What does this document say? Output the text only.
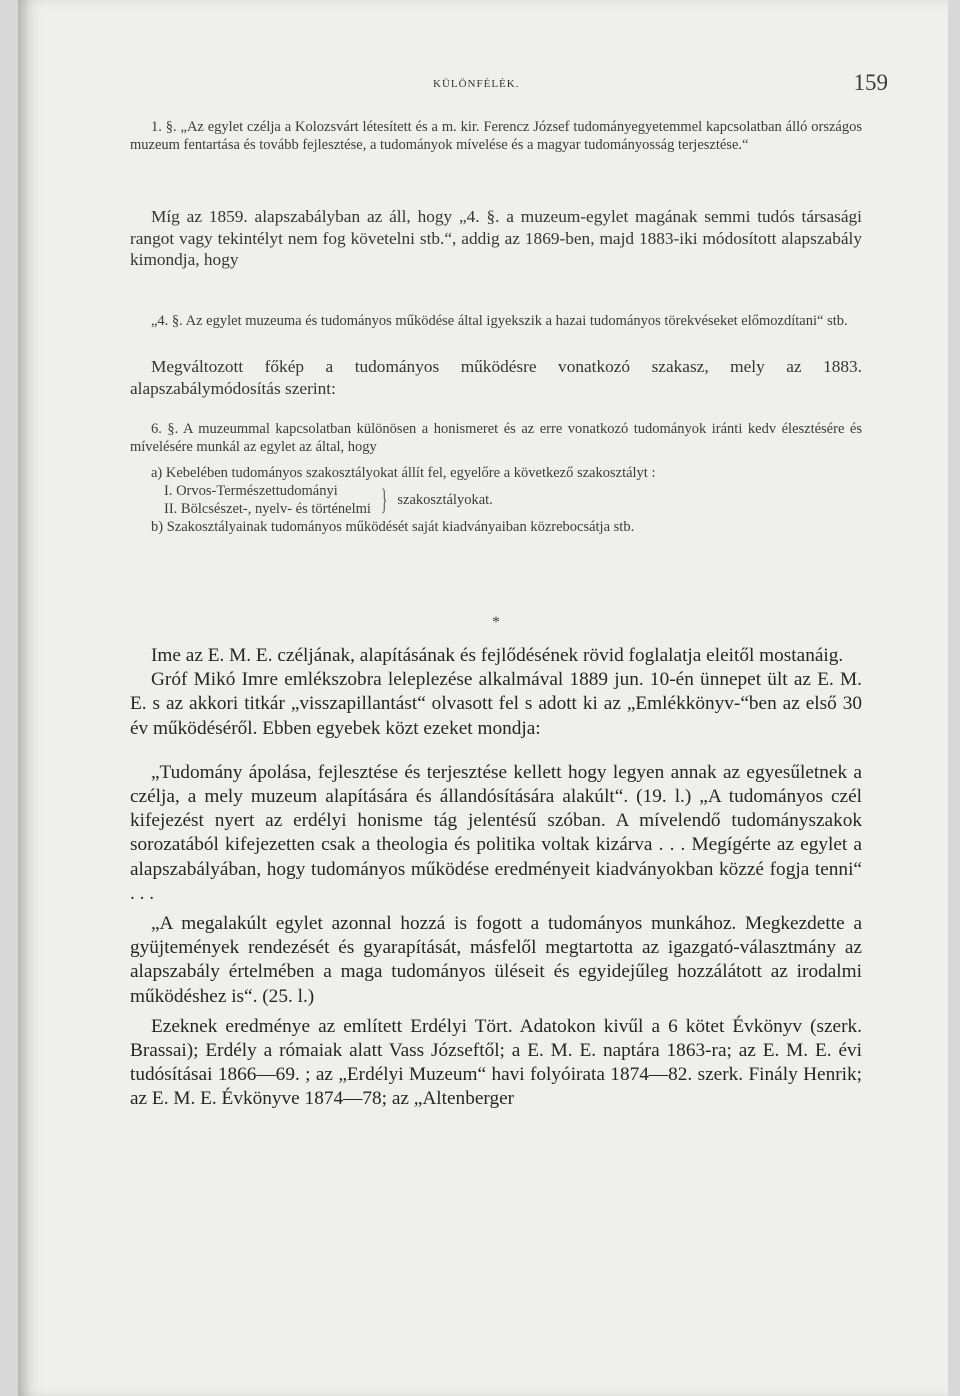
KÜLÖNFÉLÉK.	159

1. §. „Az egylet czélja a Kolozsvárt létesített és a m. kir. Ferencz József tudományegyetemmel kapcsolatban álló országos muzeum fentartása és tovább fejlesztése, a tudományok mívelése és a magyar tudományosság terjesztése.“

Míg az 1859. alapszabályban az áll, hogy „4. §. a muzeum-egylet magának semmi tudós társasági rangot vagy tekintélyt nem fog követelni stb.“, addig az 1869-ben, majd 1883-iki módosított alapszabály kimondja, hogy

„4. §. Az egylet muzeuma és tudományos működése által igyekszik a hazai tudományos törekvéseket előmozdítani“ stb.

Megváltozott főkép a tudományos működésre vonatkozó szakasz, mely az 1883. alapszabálymódosítás szerint:

6. §. A muzeummal kapcsolatban különösen a honismeret és az erre vonatkozó tudományok iránti kedv élesztésére és mívelésére munkál az egylet az által, hogy

a) Kebelében tudományos szakosztályokat állít fel, egyelőre a következő szakosztályt :

I. Orvos-Természettudományi
II. Bölcsészet-, nyelv- és történelmi } szakosztályokat.

b) Szakosztályainak tudományos működését saját kiadványaiban közrebocsátja stb.

*

Ime az E. M. E. czéljának, alapításának és fejlődésének rövid foglalatja eleitől mostanáig.

Gróf Mikó Imre emlékszobra leleplezése alkalmával 1889 jun. 10-én ünnepet ült az E. M. E. s az akkori titkár „visszapillantást“ olvasott fel s adott ki az „Emlékkönyv-“ben az első 30 év működéséről. Ebben egyebek közt ezeket mondja:

„Tudomány ápolása, fejlesztése és terjesztése kellett hogy legyen annak az egyesűletnek a czélja, a mely muzeum alapítására és állandósítására alakúlt“. (19. l.) „A tudományos czél kifejezést nyert az erdélyi honisme tág jelentésű szóban. A mívelendő tudományszakok sorozatából kifejezetten csak a theologia és politika voltak kizárva . . . Megígérte az egylet a alapszabályában, hogy tudományos működése eredményeit kiadványokban közzé fogja tenni“ . . .

„A megalakúlt egylet azonnal hozzá is fogott a tudományos munkához. Megkezdette a gyüjtemények rendezését és gyarapítását, másfelől megtartotta az igazgató-választmány az alapszabály értelmében a maga tudományos üléseit és egyidejűleg hozzálátott az irodalmi működéshez is“. (25. l.)

Ezeknek eredménye az említett Erdélyi Tört. Adatokon kivűl a 6 kötet Évkönyv (szerk. Brassai); Erdély a rómaiak alatt Vass Józseftől; a E. M. E. naptára 1863-ra; az E. M. E. évi tudósításai 1866—69. ; az „Erdélyi Muzeum“ havi folyóirata 1874—82. szerk. Finály Henrik; az E. M. E. Évkönyve 1874—78; az „Altenberger
